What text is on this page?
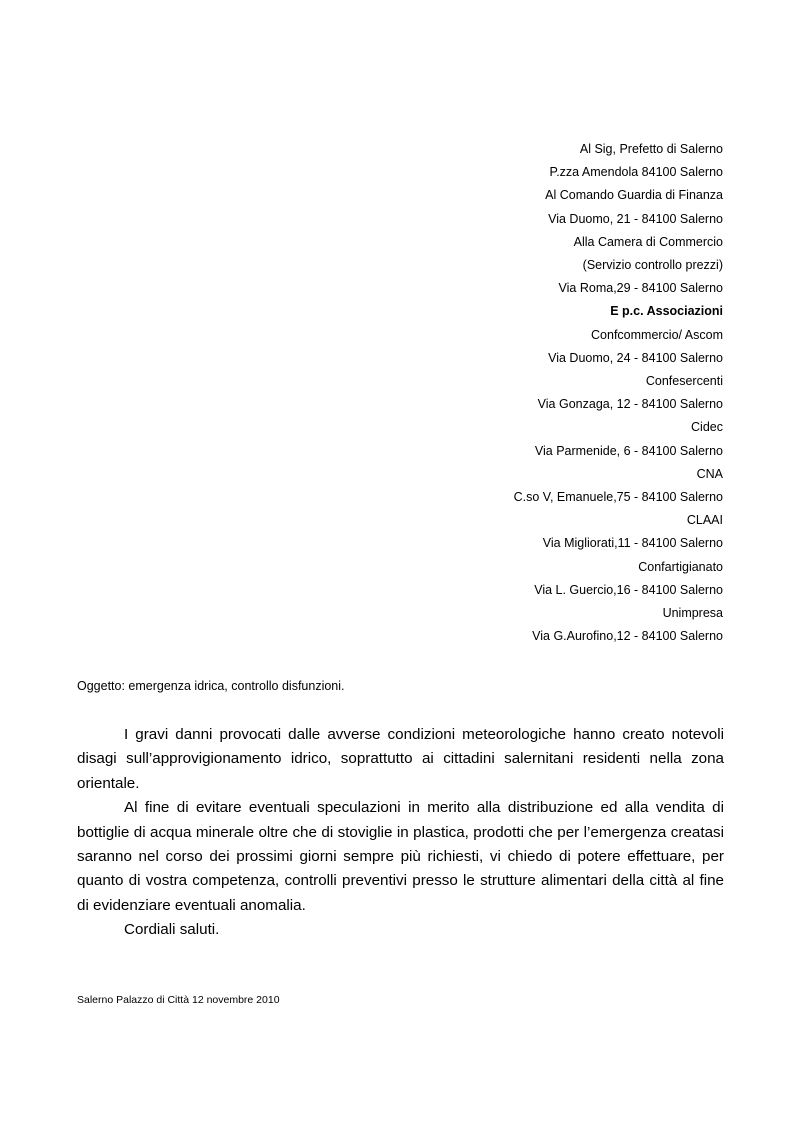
Al Sig, Prefetto di Salerno
P.zza Amendola 84100 Salerno
Al Comando Guardia di Finanza
Via Duomo, 21 - 84100 Salerno
Alla Camera di Commercio
(Servizio controllo prezzi)
Via Roma,29 - 84100 Salerno
E p.c. Associazioni
Confcommercio/ Ascom
Via Duomo, 24 - 84100 Salerno
Confesercenti
Via Gonzaga, 12 - 84100 Salerno
Cidec
Via Parmenide, 6 - 84100 Salerno
CNA
C.so V, Emanuele,75 - 84100 Salerno
CLAAI
Via Migliorati,11 - 84100 Salerno
Confartigianato
Via L. Guercio,16 - 84100 Salerno
Unimpresa
Via G.Aurofino,12 - 84100 Salerno
Oggetto: emergenza idrica, controllo disfunzioni.

I gravi danni provocati dalle avverse condizioni meteorologiche hanno creato notevoli disagi sull’approvigionamento idrico, soprattutto ai cittadini salernitani residenti nella zona orientale.

Al fine di evitare eventuali speculazioni in merito alla distribuzione ed alla vendita di bottiglie di acqua minerale oltre che di stoviglie in plastica, prodotti che per l’emergenza creatasi saranno nel corso dei prossimi giorni sempre più richiesti, vi chiedo di potere effettuare, per quanto di vostra competenza, controlli preventivi presso le strutture alimentari della città al fine di evidenziare eventuali anomalia.

Cordiali saluti.

Salerno Palazzo di Città 12 novembre 2010
